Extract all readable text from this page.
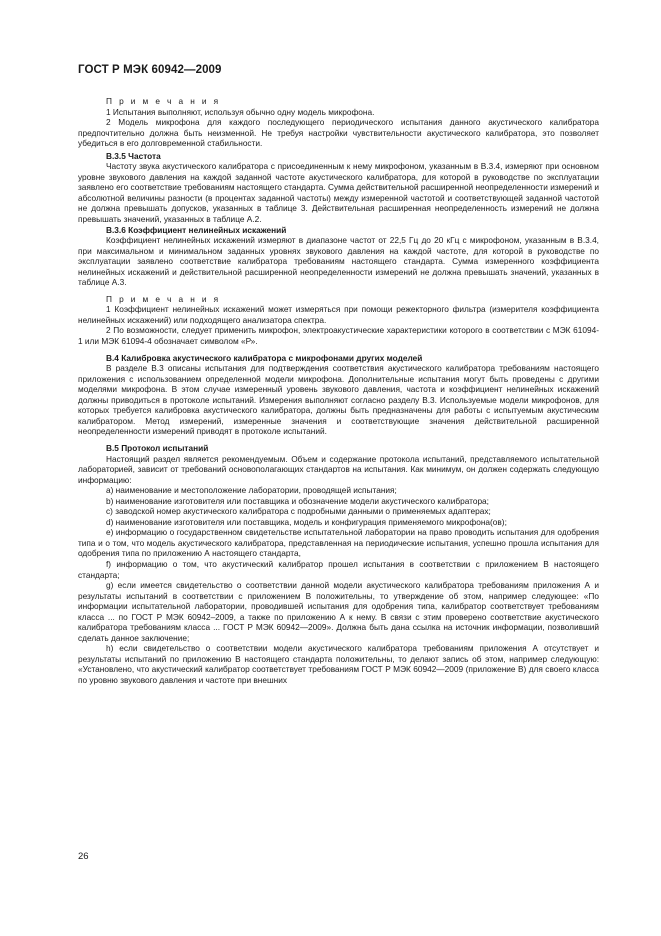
ГОСТ Р МЭК 60942—2009

П р и м е ч а н и я

1 Испытания выполняют, используя обычно одну модель микрофона.

2 Модель микрофона для каждого последующего периодического испытания данного акустического калибратора предпочтительно должна быть неизменной. Не требуя настройки чувствительности акустического калибратора, это позволяет убедиться в его долговременной стабильности.

В.3.5 Частота

Частоту звука акустического калибратора с присоединенным к нему микрофоном, указанным в В.3.4, измеряют при основном уровне звукового давления на каждой заданной частоте акустического калибратора, для которой в руководстве по эксплуатации заявлено его соответствие требованиям настоящего стандарта. Сумма действительной расширенной неопределенности измерений и абсолютной величины разности (в процентах заданной частоты) между измеренной частотой и соответствующей заданной частотой не должна превышать допусков, указанных в таблице 3. Действительная расширенная неопределенность измерений не должна превышать значений, указанных в таблице А.2.

В.3.6 Коэффициент нелинейных искажений

Коэффициент нелинейных искажений измеряют в диапазоне частот от 22,5 Гц до 20 кГц с микрофоном, указанным в В.3.4, при максимальном и минимальном заданных уровнях звукового давления на каждой частоте, для которой в руководстве по эксплуатации заявлено соответствие калибратора требованиям настоящего стандарта. Сумма измеренного коэффициента нелинейных искажений и действительной расширенной неопределенности измерений не должна превышать значений, указанных в таблице А.3.

П р и м е ч а н и я

1 Коэффициент нелинейных искажений может измеряться при помощи режекторного фильтра (измерителя коэффициента нелинейных искажений) или подходящего анализатора спектра.

2 По возможности, следует применить микрофон, электроакустические характеристики которого в соответствии с МЭК 61094-1 или МЭК 61094-4 обозначает символом «Р».

В.4 Калибровка акустического калибратора с микрофонами других моделей

В разделе В.3 описаны испытания для подтверждения соответствия акустического калибратора требованиям настоящего приложения с использованием определенной модели микрофона. Дополнительные испытания могут быть проведены с другими моделями микрофона. В этом случае измеренный уровень звукового давления, частота и коэффициент нелинейных искажений должны приводиться в протоколе испытаний. Измерения выполняют согласно разделу В.3. Используемые модели микрофонов, для которых требуется калибровка акустического калибратора, должны быть предназначены для работы с испытуемым акустическим калибратором. Метод измерений, измеренные значения и соответствующие значения действительной расширенной неопределенности измерений приводят в протоколе испытаний.

В.5 Протокол испытаний

Настоящий раздел является рекомендуемым. Объем и содержание протокола испытаний, представляемого испытательной лабораторией, зависит от требований основополагающих стандартов на испытания. Как минимум, он должен содержать следующую информацию:

a) наименование и местоположение лаборатории, проводящей испытания;

b) наименование изготовителя или поставщика и обозначение модели акустического калибратора;

c) заводской номер акустического калибратора с подробными данными о применяемых адаптерах;

d) наименование изготовителя или поставщика, модель и конфигурация применяемого микрофона(ов);

e) информацию о государственном свидетельстве испытательной лаборатории на право проводить испытания для одобрения типа и о том, что модель акустического калибратора, представленная на периодические испытания, успешно прошла испытания для одобрения типа по приложению А настоящего стандарта,

f) информацию о том, что акустический калибратор прошел испытания в соответствии с приложением В настоящего стандарта;

g) если имеется свидетельство о соответствии данной модели акустического калибратора требованиям приложения А и результаты испытаний в соответствии с приложением В положительны, то утверждение об этом, например следующее: «По информации испытательной лаборатории, проводившей испытания для одобрения типа, калибратор соответствует требованиям класса ... по ГОСТ Р МЭК 60942–2009, а также по приложению А к нему. В связи с этим проверено соответствие акустического калибратора требованиям класса ... ГОСТ Р МЭК 60942—2009». Должна быть дана ссылка на источник информации, позволивший сделать данное заключение;

h) если свидетельство о соответствии модели акустического калибратора требованиям приложения А отсутствует и результаты испытаний по приложению В настоящего стандарта положительны, то делают запись об этом, например следующую: «Установлено, что акустический калибратор соответствует требованиям ГОСТ Р МЭК 60942—2009 (приложение В) для своего класса по уровню звукового давления и частоте при внешних

26
